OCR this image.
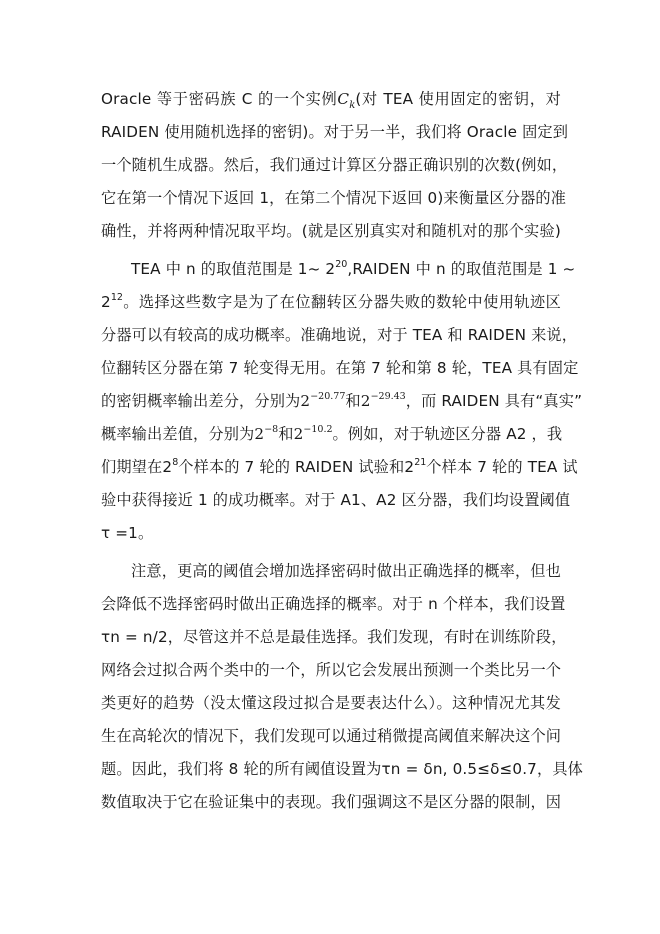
Oracle 等于密码族 C 的一个实例$C_k$(对 TEA 使用固定的密钥，对
RAIDEN 使用随机选择的密钥)。对于另一半，我们将 Oracle 固定到
一个随机生成器。然后，我们通过计算区分器正确识别的次数(例如，
它在第一个情况下返回 1，在第二个情况下返回 0)来衡量区分器的准
确性，并将两种情况取平均。(就是区别真实对和随机对的那个实验)
TEA 中 n 的取值范围是 1~ $2^{20},RAIDEN$ 中 n 的取值范围是 1 ~
$2^{12}$。选择这些数字是为了在位翻转区分器失败的数轮中使用轨迹区
分器可以有较高的成功概率。准确地说，对于 TEA 和 RAIDEN 来说，
位翻转区分器在第 7 轮变得无用。在第 7 轮和第 8 轮，TEA 具有固定
的密钥概率输出差分，分别为$2^{-20.77}$和$2^{-29.43}$，而 RAIDEN 具有“真实”
概率输出差值，分别为$2^{-8}$和$2^{-10.2}$。例如，对于轨迹区分器 A2 ，我
们期望在$2^8$个样本的 7 轮的 RAIDEN 试验和$2^{21}$个样本 7 轮的 TEA 试
验中获得接近 1 的成功概率。对于 A1、A2 区分器，我们均设置阈值
τ =1。
注意，更高的阈值会增加选择密码时做出正确选择的概率，但也
会降低不选择密码时做出正确选择的概率。对于 n 个样本，我们设置
τn = n/2，尽管这并不总是最佳选择。我们发现，有时在训练阶段，
网络会过拟合两个类中的一个，所以它会发展出预测一个类比另一个
类更好的趋势（没太懂这段过拟合是要表达什么）。这种情况尤其发
生在高轮次的情况下，我们发现可以通过稍微提高阈值来解决这个问
题。因此，我们将 8 轮的所有阈值设置为τn = δn, 0.5≤δ≤0.7，具体
数值取决于它在验证集中的表现。我们强调这不是区分器的限制，因
